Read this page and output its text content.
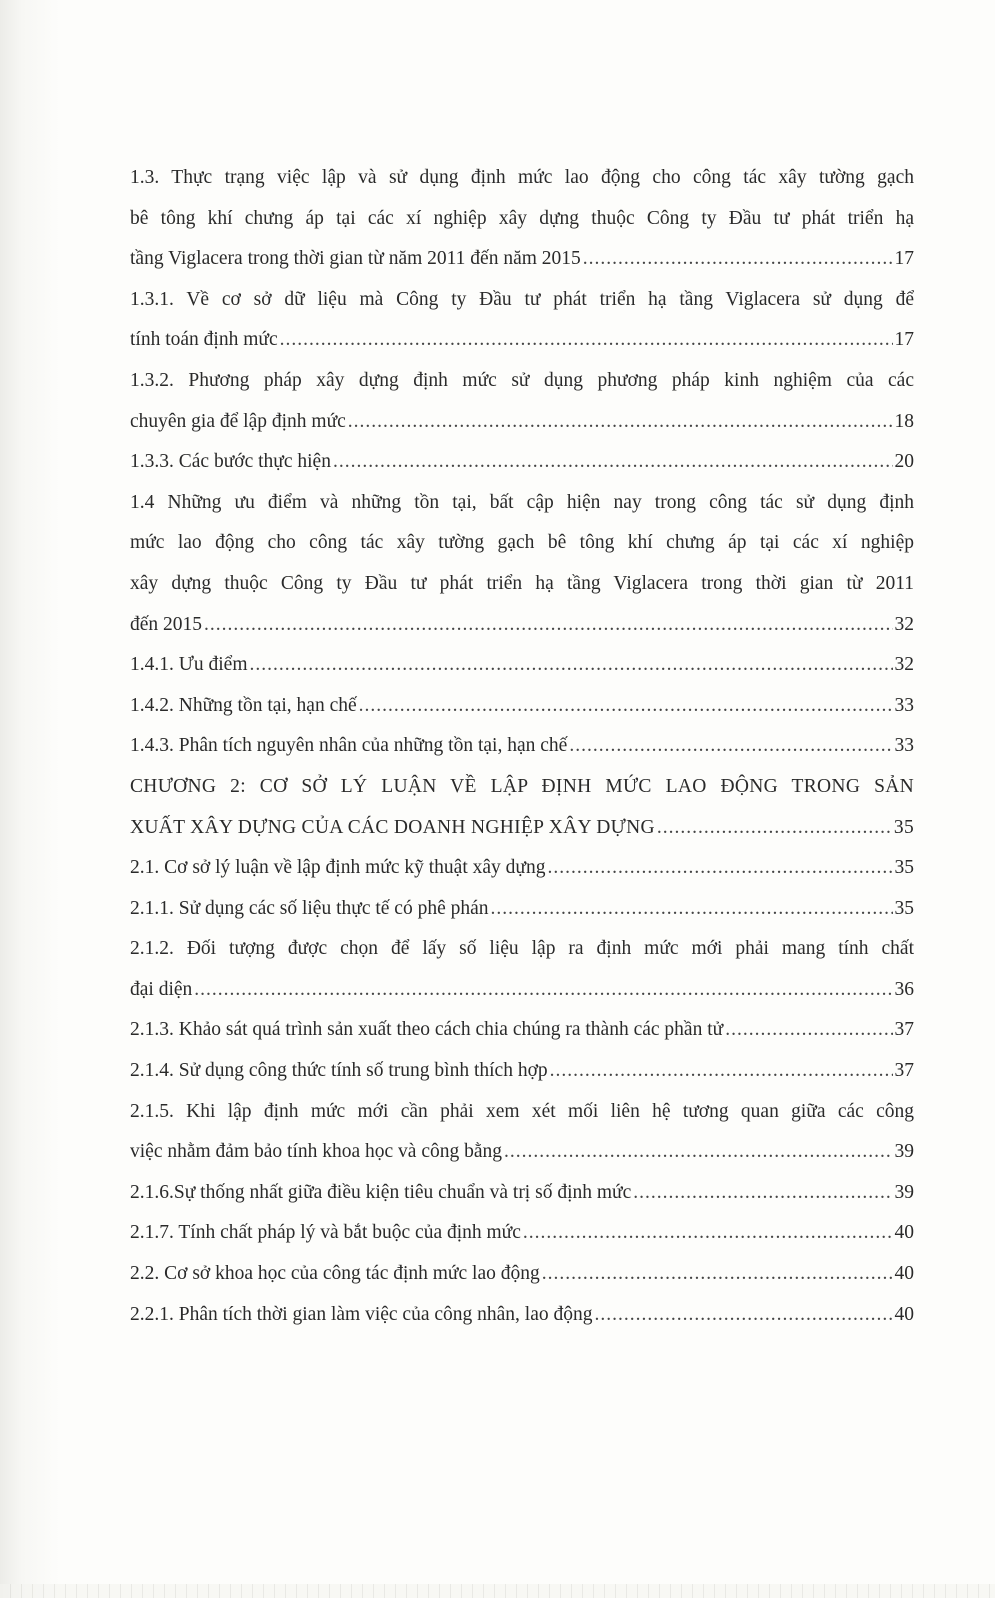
1.3. Thực trạng việc lập và sử dụng định mức lao động cho công tác xây tường gạch
bê tông khí chưng áp tại các xí nghiệp xây dựng thuộc Công ty Đầu tư phát triển hạ
tầng Viglacera trong thời gian từ năm 2011 đến năm 2015 .....	17
1.3.1. Về cơ sở dữ liệu mà Công ty Đầu tư phát triển hạ tầng Viglacera sử dụng để
tính toán định mức .....	17
1.3.2. Phương pháp xây dựng định mức sử dụng phương pháp kinh nghiệm của các
chuyên gia để lập định mức .....	18
1.3.3. Các bước thực hiện .....	20
1.4 Những ưu điểm và những tồn tại, bất cập hiện nay trong công tác sử dụng định
mức lao động cho công tác xây tường gạch bê tông khí chưng áp tại các xí nghiệp
xây dựng thuộc Công ty Đầu tư phát triển hạ tầng Viglacera trong thời gian từ 2011
đến 2015 .....	32
1.4.1. Ưu điểm .....	32
1.4.2. Những tồn tại, hạn chế .....	33
1.4.3. Phân tích nguyên nhân của những tồn tại, hạn chế .....	33
CHƯƠNG 2: CƠ SỞ LÝ LUẬN VỀ LẬP ĐỊNH MỨC LAO ĐỘNG TRONG SẢN
XUẤT XÂY DỰNG CỦA CÁC DOANH NGHIỆP XÂY DỰNG .....	35
2.1. Cơ sở lý luận về lập định mức kỹ thuật xây dựng .....	35
2.1.1. Sử dụng các số liệu thực tế có phê phán .....	35
2.1.2. Đối tượng được chọn để lấy số liệu lập ra định mức mới phải mang tính chất
đại diện .....	36
2.1.3. Khảo sát quá trình sản xuất theo cách chia chúng ra thành các phần tử .....	37
2.1.4. Sử dụng công thức tính số trung bình thích hợp .....	37
2.1.5. Khi lập định mức mới cần phải xem xét mối liên hệ tương quan giữa các công
việc nhằm đảm bảo tính khoa học và công bằng .....	39
2.1.6.Sự thống nhất giữa điều kiện tiêu chuẩn và trị số định mức .....	39
2.1.7. Tính chất pháp lý và bắt buộc của định mức .....	40
2.2. Cơ sở khoa học của công tác định mức lao động .....	40
2.2.1. Phân tích thời gian làm việc của công nhân, lao động .....	40
